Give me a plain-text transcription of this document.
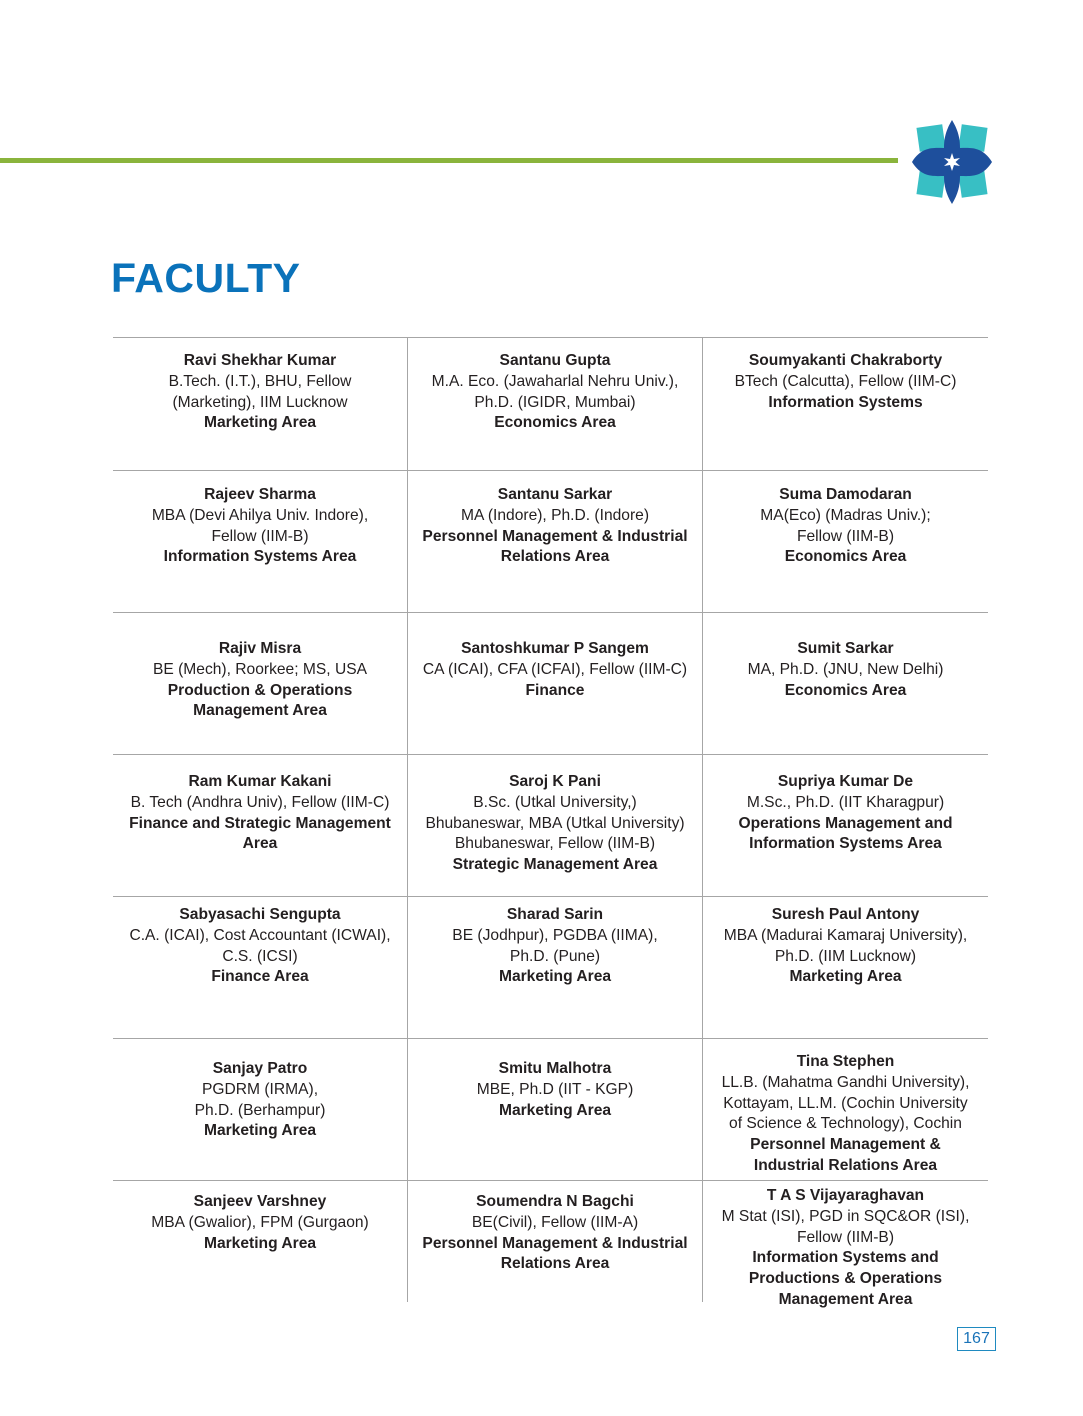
FACULTY
Ravi Shekhar Kumar
B.Tech. (I.T.), BHU, Fellow
(Marketing), IIM Lucknow
Marketing Area
Santanu Gupta
M.A. Eco. (Jawaharlal Nehru Univ.),
Ph.D. (IGIDR, Mumbai)
Economics Area
Soumyakanti Chakraborty
BTech (Calcutta), Fellow (IIM-C)
Information Systems
Rajeev Sharma
MBA (Devi Ahilya Univ. Indore),
Fellow (IIM-B)
Information Systems Area
Santanu Sarkar
MA (Indore), Ph.D. (Indore)
Personnel Management & Industrial
Relations Area
Suma Damodaran
MA(Eco) (Madras Univ.);
Fellow (IIM-B)
Economics Area
Rajiv Misra
BE (Mech), Roorkee; MS, USA
Production & Operations
Management Area
Santoshkumar P Sangem
CA (ICAI), CFA (ICFAI), Fellow (IIM-C)
Finance
Sumit Sarkar
MA, Ph.D. (JNU, New Delhi)
Economics Area
Ram Kumar Kakani
B. Tech (Andhra Univ), Fellow (IIM-C)
Finance and Strategic Management
Area
Saroj K Pani
B.Sc. (Utkal University,)
Bhubaneswar, MBA (Utkal University)
Bhubaneswar, Fellow (IIM-B)
Strategic Management Area
Supriya Kumar De
M.Sc., Ph.D. (IIT Kharagpur)
Operations Management and
Information Systems Area
Sabyasachi Sengupta
C.A. (ICAI), Cost Accountant (ICWAI),
C.S. (ICSI)
Finance Area
Sharad Sarin
BE (Jodhpur), PGDBA (IIMA),
Ph.D. (Pune)
Marketing Area
Suresh Paul Antony
MBA (Madurai Kamaraj University),
Ph.D. (IIM Lucknow)
Marketing Area
Sanjay Patro
PGDRM (IRMA),
Ph.D. (Berhampur)
Marketing Area
Smitu Malhotra
MBE, Ph.D (IIT - KGP)
Marketing Area
Tina Stephen
LL.B. (Mahatma Gandhi University),
Kottayam, LL.M. (Cochin University
of Science & Technology), Cochin
Personnel Management &
Industrial Relations Area
Sanjeev Varshney
MBA (Gwalior), FPM (Gurgaon)
Marketing Area
Soumendra N Bagchi
BE(Civil), Fellow (IIM-A)
Personnel Management & Industrial
Relations Area
T A S Vijayaraghavan
M Stat (ISI), PGD in SQC&OR (ISI),
Fellow (IIM-B)
Information Systems and
Productions & Operations
Management Area
167
